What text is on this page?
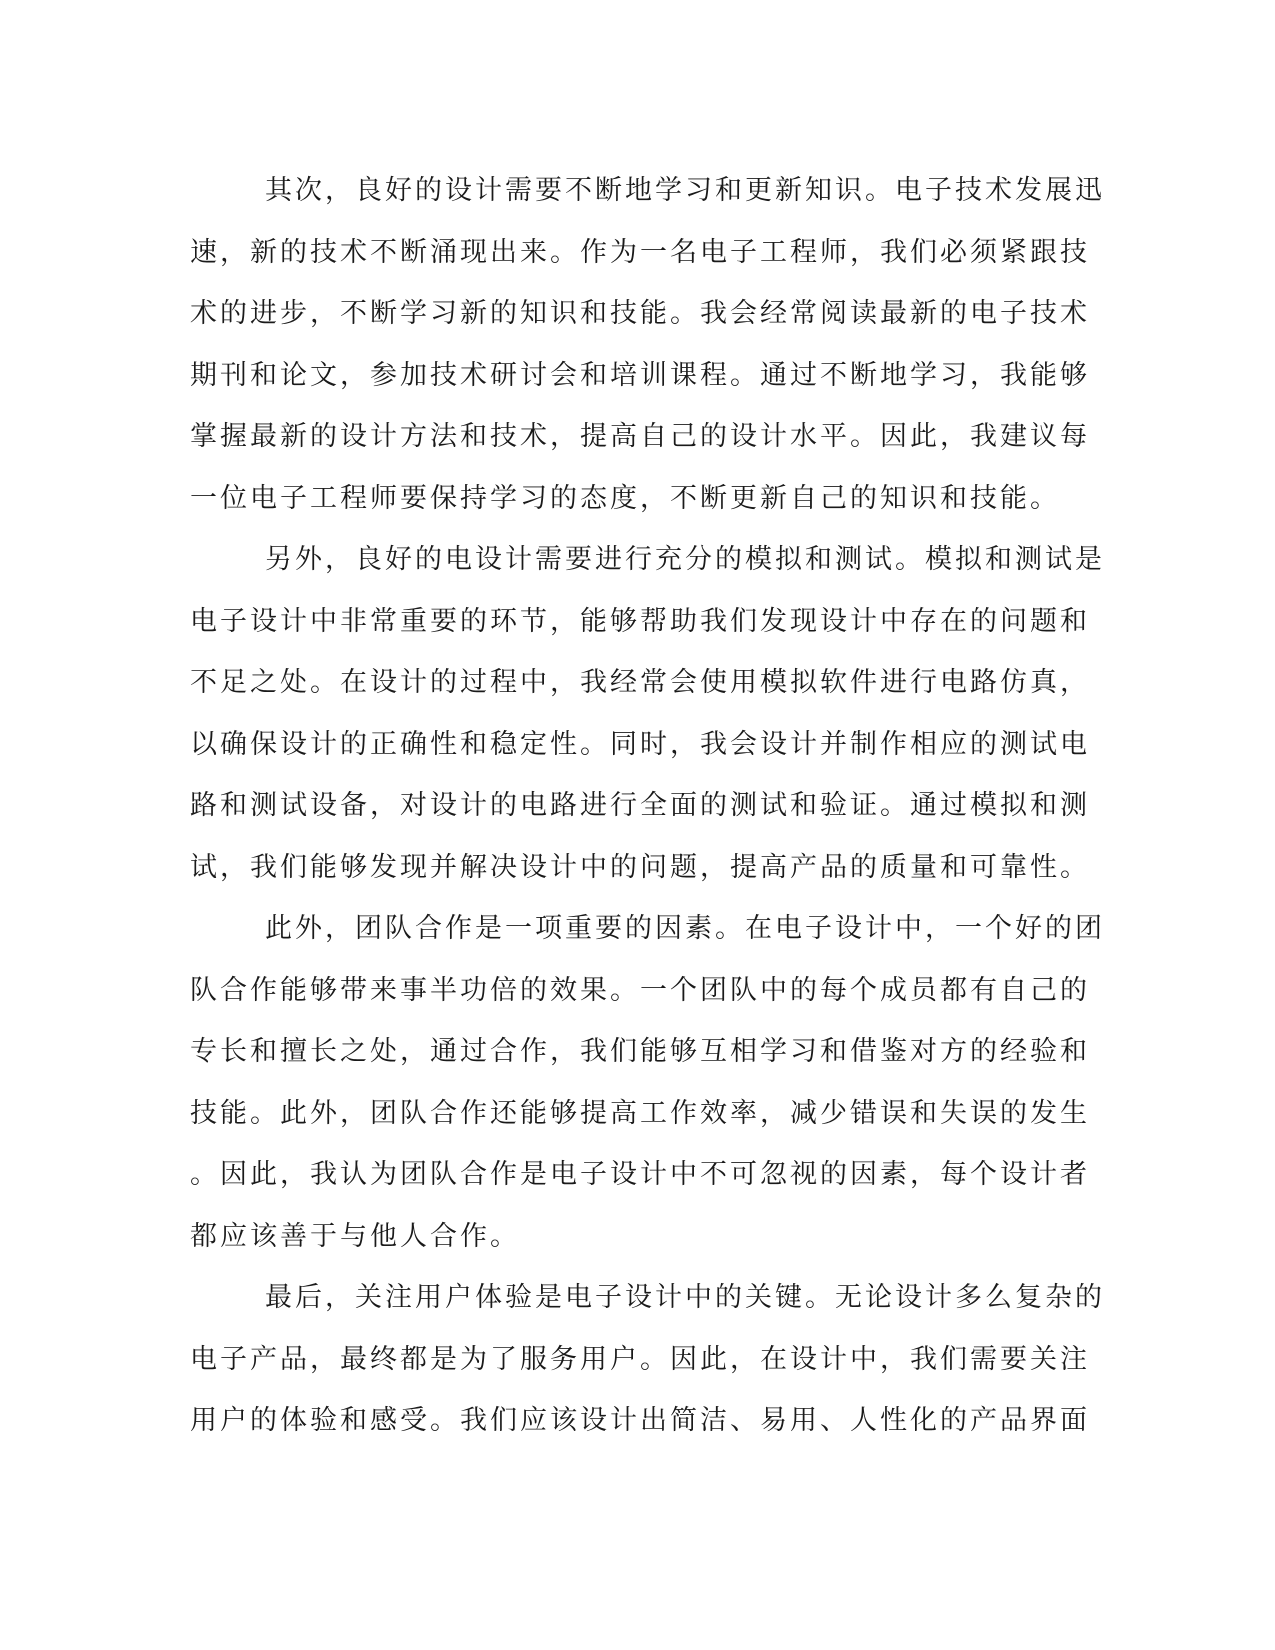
其次，良好的设计需要不断地学习和更新知识。电子技术发展迅
速，新的技术不断涌现出来。作为一名电子工程师，我们必须紧跟技
术的进步，不断学习新的知识和技能。我会经常阅读最新的电子技术
期刊和论文，参加技术研讨会和培训课程。通过不断地学习，我能够
掌握最新的设计方法和技术，提高自己的设计水平。因此，我建议每
一位电子工程师要保持学习的态度，不断更新自己的知识和技能。
另外，良好的电设计需要进行充分的模拟和测试。模拟和测试是
电子设计中非常重要的环节，能够帮助我们发现设计中存在的问题和
不足之处。在设计的过程中，我经常会使用模拟软件进行电路仿真，
以确保设计的正确性和稳定性。同时，我会设计并制作相应的测试电
路和测试设备，对设计的电路进行全面的测试和验证。通过模拟和测
试，我们能够发现并解决设计中的问题，提高产品的质量和可靠性。
此外，团队合作是一项重要的因素。在电子设计中，一个好的团
队合作能够带来事半功倍的效果。一个团队中的每个成员都有自己的
专长和擅长之处，通过合作，我们能够互相学习和借鉴对方的经验和
技能。此外，团队合作还能够提高工作效率，减少错误和失误的发生
。因此，我认为团队合作是电子设计中不可忽视的因素，每个设计者
都应该善于与他人合作。
最后，关注用户体验是电子设计中的关键。无论设计多么复杂的
电子产品，最终都是为了服务用户。因此，在设计中，我们需要关注
用户的体验和感受。我们应该设计出简洁、易用、人性化的产品界面
